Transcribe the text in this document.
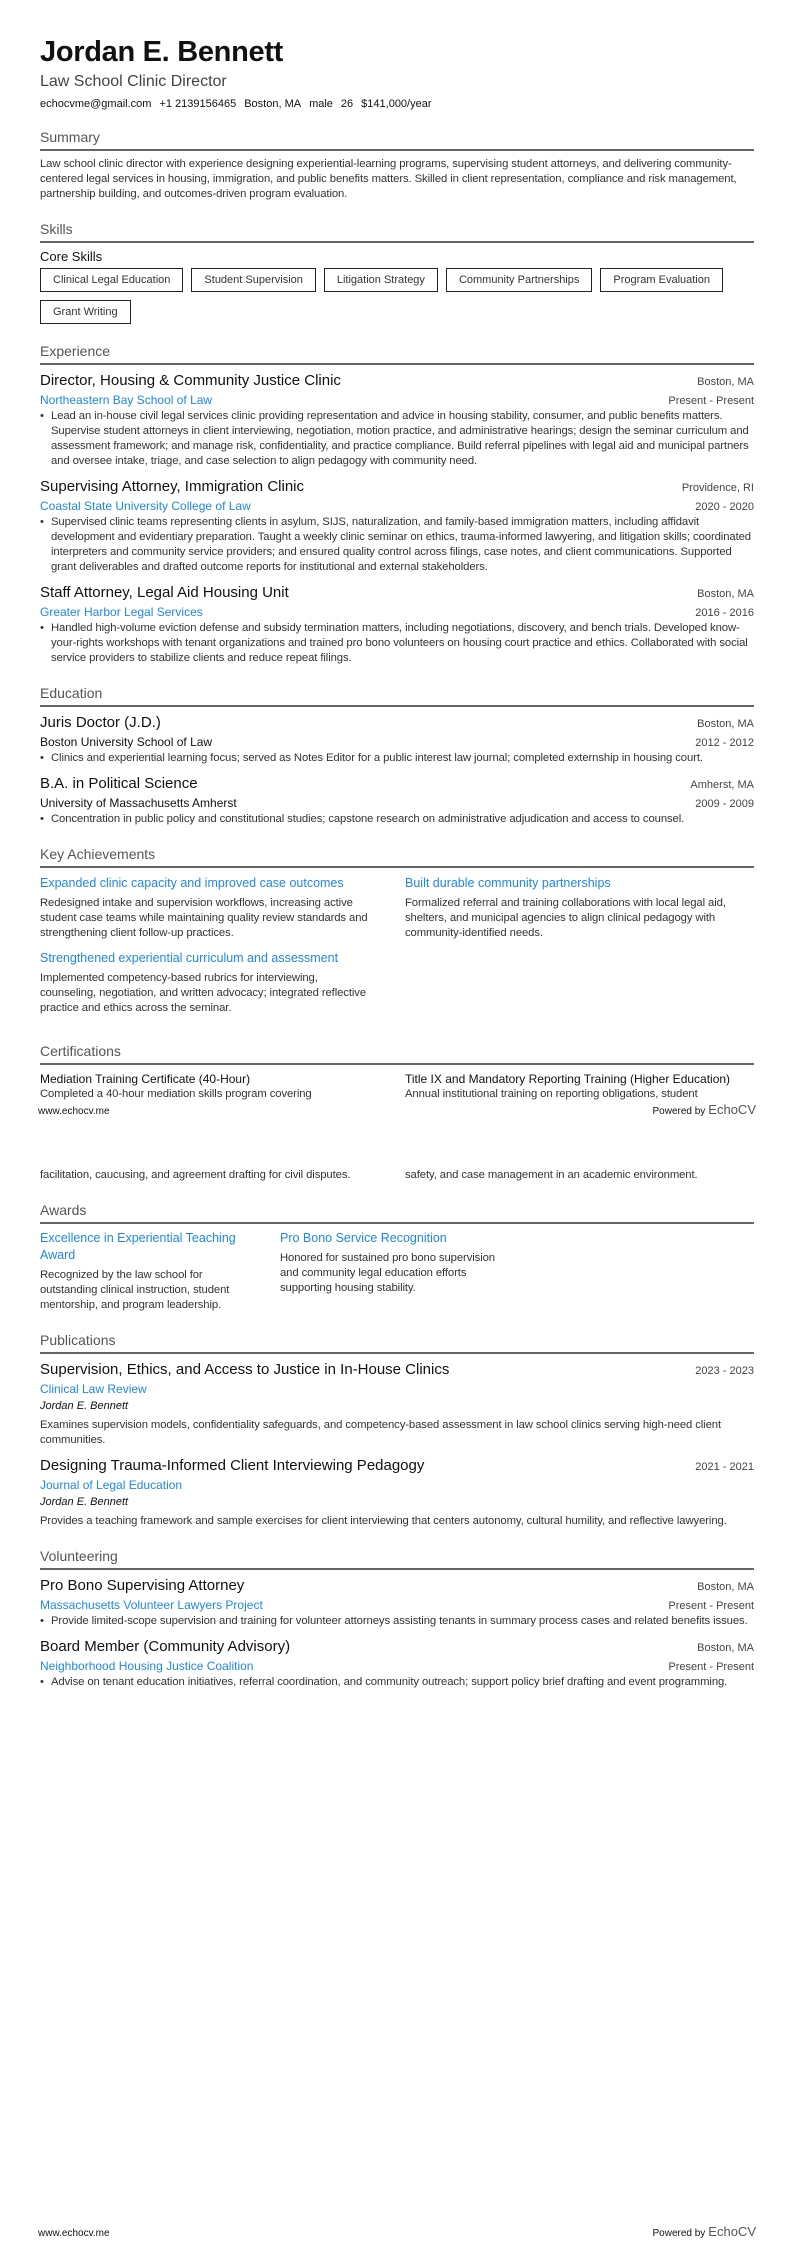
Jordan E. Bennett
Law School Clinic Director
echocvme@gmail.com +1 2139156465 Boston, MA male 26 $141,000/year
Summary

Law school clinic director with experience designing experiential-learning programs, supervising student attorneys, and delivering community-centered legal services in housing, immigration, and public benefits matters. Skilled in client representation, compliance and risk management, partnership building, and outcomes-driven program evaluation.

Skills
Core Skills
Clinical Legal Education	Student Supervision	Litigation Strategy	Community Partnerships	Program Evaluation
Grant Writing
Experience
Director, Housing & Community Justice Clinic	Boston, MA
Northeastern Bay School of Law	Present - Present
• Lead an in-house civil legal services clinic providing representation and advice in housing stability, consumer, and public benefits matters. Supervise student attorneys in client interviewing, negotiation, motion practice, and administrative hearings; design the seminar curriculum and assessment framework; and manage risk, confidentiality, and practice compliance. Build referral pipelines with legal aid and municipal partners and oversee intake, triage, and case selection to align pedagogy with community need.
Supervising Attorney, Immigration Clinic	Providence, RI
Coastal State University College of Law	2020 - 2020
• Supervised clinic teams representing clients in asylum, SIJS, naturalization, and family-based immigration matters, including affidavit development and evidentiary preparation. Taught a weekly clinic seminar on ethics, trauma-informed lawyering, and litigation skills; coordinated interpreters and community service providers; and ensured quality control across filings, case notes, and client communications. Supported grant deliverables and drafted outcome reports for institutional and external stakeholders.
Staff Attorney, Legal Aid Housing Unit	Boston, MA
Greater Harbor Legal Services	2016 - 2016
• Handled high-volume eviction defense and subsidy termination matters, including negotiations, discovery, and bench trials. Developed know-your-rights workshops with tenant organizations and trained pro bono volunteers on housing court practice and ethics. Collaborated with social service providers to stabilize clients and reduce repeat filings.
Education
Juris Doctor (J.D.)	Boston, MA
Boston University School of Law	2012 - 2012
• Clinics and experiential learning focus; served as Notes Editor for a public interest law journal; completed externship in housing court.
B.A. in Political Science	Amherst, MA
University of Massachusetts Amherst	2009 - 2009
• Concentration in public policy and constitutional studies; capstone research on administrative adjudication and access to counsel.
Key Achievements
Expanded clinic capacity and improved case outcomes

Redesigned intake and supervision workflows, increasing active student case teams while maintaining quality review standards and strengthening client follow-up practices.

Built durable community partnerships

Formalized referral and training collaborations with local legal aid, shelters, and municipal agencies to align clinical pedagogy with community-identified needs.

Strengthened experiential curriculum and assessment

Implemented competency-based rubrics for interviewing, counseling, negotiation, and written advocacy; integrated reflective practice and ethics across the seminar.

Certifications
Mediation Training Certificate (40-Hour)

Completed a 40-hour mediation skills program covering

Title IX and Mandatory Reporting Training (Higher Education)

Annual institutional training on reporting obligations, student

www.echocv.me	Powered by EchoCV

facilitation, caucusing, and agreement drafting for civil disputes.	safety, and case management in an academic environment.

Awards
Excellence in Experiential Teaching Award

Recognized by the law school for outstanding clinical instruction, student mentorship, and program leadership.

Pro Bono Service Recognition

Honored for sustained pro bono supervision and community legal education efforts supporting housing stability.

Publications
Supervision, Ethics, and Access to Justice in In-House Clinics	2023 - 2023
Clinical Law Review
Jordan E. Bennett

Examines supervision models, confidentiality safeguards, and competency-based assessment in law school clinics serving high-need client communities.

Designing Trauma-Informed Client Interviewing Pedagogy	2021 - 2021
Journal of Legal Education
Jordan E. Bennett

Provides a teaching framework and sample exercises for client interviewing that centers autonomy, cultural humility, and reflective lawyering.

Volunteering
Pro Bono Supervising Attorney	Boston, MA
Massachusetts Volunteer Lawyers Project	Present - Present
• Provide limited-scope supervision and training for volunteer attorneys assisting tenants in summary process cases and related benefits issues.
Board Member (Community Advisory)	Boston, MA
Neighborhood Housing Justice Coalition	Present - Present
• Advise on tenant education initiatives, referral coordination, and community outreach; support policy brief drafting and event programming.
www.echocv.me	Powered by EchoCV
